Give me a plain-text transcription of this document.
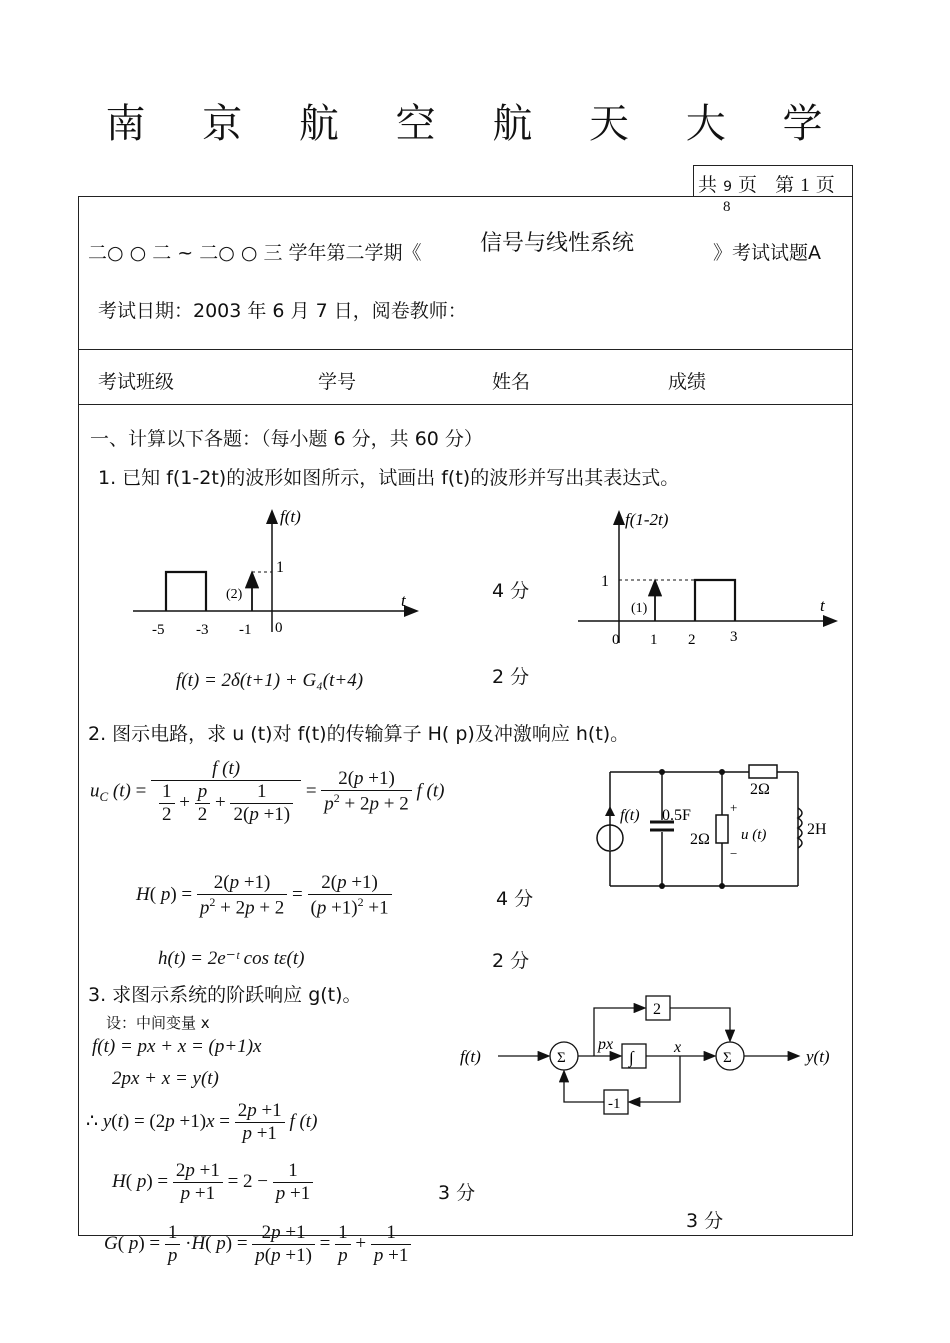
南 京 航 空 航 天 大 学
共 9 页 第 1 页
8
二○ ○ 二 ~ 二○ ○ 三 学年第二学期《	信号与线性系统	》考试试题A
考试日期：2003 年 6 月 7 日，阅卷教师：
考试班级	学号	姓名	成绩
一、计算以下各题：（每小题 6 分，共 60 分）
1. 已知 f(1-2t)的波形如图所示，试画出 f(t)的波形并写出其表达式。
f(t)
t
1
(2)
-5 -3 -1 0
4 分
f(1-2t)
t
1
(1)
0 1 2 3
f(t) = 2δ(t+1) + G₄(t+4)	2 分
2. 图示电路，求 u (t)对 f(t)的传输算子 H( p)及冲激响应 h(t)。
$u_C$ $(t) = \frac{f (t)}{\frac{1}{2} + \frac{p}{2} + \frac{1}{2(p +1)}} = \frac{2(p +1)}{p^2 + 2p + 2}$ f (t)
f(t) 0.5F
2Ω
2Ω
2H
u (t)
+
−
H( $p) = \frac{2(p +1)}{p^2 + 2p + 2} = \frac{2(p +1)}{(p +1)^2 +1}$	4 分
h(t) = 2e⁻ᵗ cos tε(t)	2 分
3. 求图示系统的阶跃响应 g(t)。
设：中间变量 x
f(t) = px + x = (p+1)x
2px + x = y(t)
∴ $y(t) = (2p +1)x = \frac{2p +1}{p +1}$ f (t)
H( $p) = \frac{2p +1}{p +1} = 2 - \frac{1}{p +1}$	3 分
3 分
G( $p) = \frac{1}{p} \cdot H$( $p) = \frac{2p +1}{p(p +1)} = \frac{1}{p} + \frac{1}{p +1}$
f(t)	y(t)
Σ	Σ
2
-1
∫
px	x
